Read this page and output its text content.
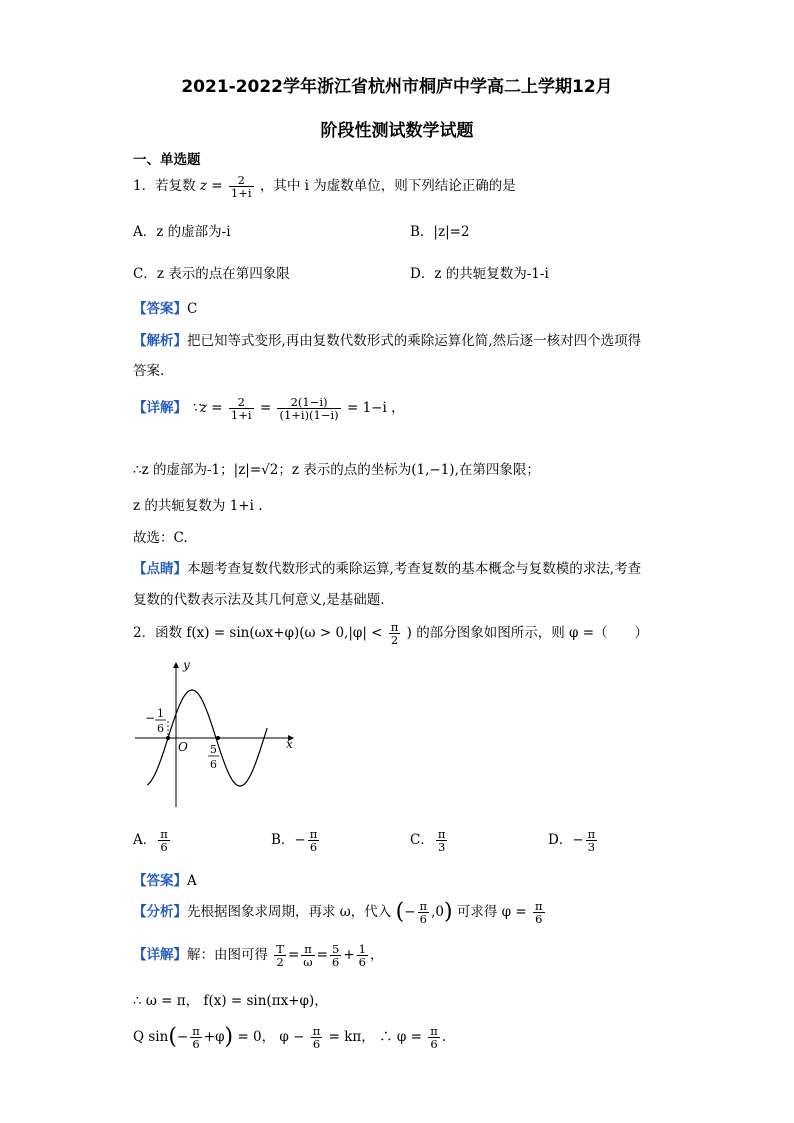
2021-2022学年浙江省杭州市桐庐中学高二上学期12月
阶段性测试数学试题
一、单选题
1．若复数 $z = \frac{2}{1+i}$ ，其中 i 为虚数单位，则下列结论正确的是
A．z 的虚部为-i	B．|z|=2
C．z 表示的点在第四象限	D．z 的共轭复数为-1-i
【答案】C
【解析】把已知等式变形,再由复数代数形式的乘除运算化简,然后逐一核对四个选项得
答案.
【详解】 ∵z = $\frac{2}{1+i} = \frac{2(1-i)}{(1+i)(1-i)} = 1-i$ ，
∴z 的虚部为-1；|z|=√2；z 表示的点的坐标为(1,−1),在第四象限；
z 的共轭复数为 1+i .
故选：C.
【点睛】本题考查复数代数形式的乘除运算,考查复数的基本概念与复数模的求法,考查
复数的代数表示法及其几何意义,是基础题.
2．函数 $f(x) = \sin(\omega x+\varphi)(\omega > 0,|\varphi| < \frac{\pi}{2}$ ) 的部分图象如图所示，则 φ =（　　）
y
x
O
− 1
6
5
6
A． $\frac{\pi}{6}$	B．− $\frac{\pi}{6}$	C． $\frac{\pi}{3}$	D．− $\frac{\pi}{3}$
【答案】A
【分析】先根据图象求周期，再求 ω，代入 (− $\frac{\pi}{6} ,0$) 可求得 $\varphi = \frac{\pi}{6}$
【详解】解：由图可得 $\frac{T}{2} = \frac{\pi}{\omega} = \frac{5}{6} + \frac{1}{6}$ ，
∴ ω = π， f(x) = sin(πx+φ)，
Q $\sin(- \frac{\pi}{6} +\varphi) = 0$， $\varphi - \frac{\pi}{6} = k\pi$， ∴ $\varphi = \frac{\pi}{6}$ .
